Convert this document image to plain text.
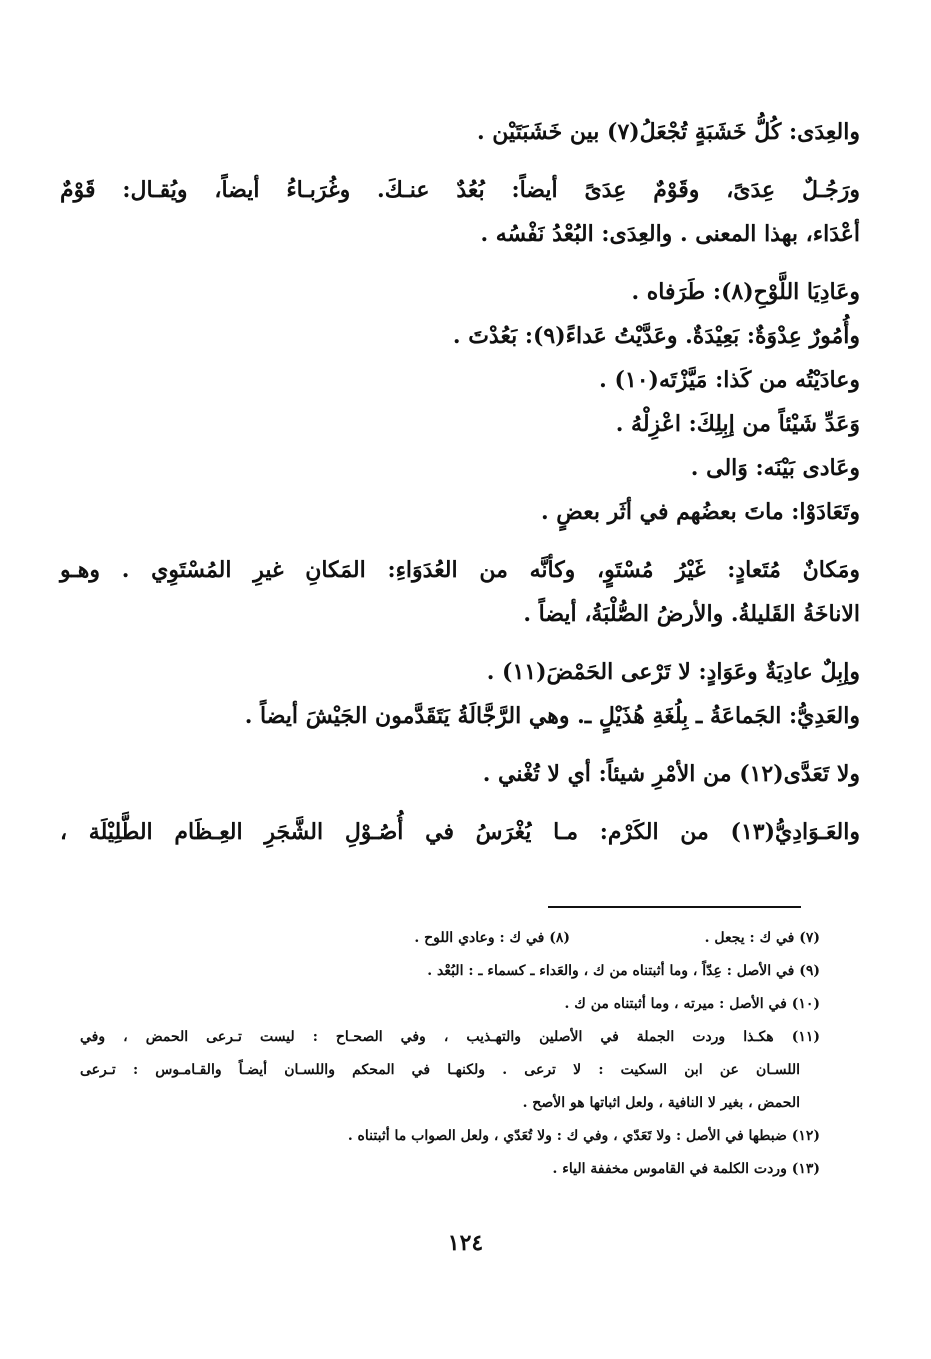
والعِدَى: كُلُّ خَشَبَةٍ تُجْعَلُ(٧) بين خَشَبَتَيْن .
ورَجُـلٌ عِدَىً، وقَوْمٌ عِدَىً أيضاً: بُعُدٌ عنـكَ. وغُرَبـاءُ أيضاً، ويُقـال: قَوْمٌ
أعْدَاء، بهذا المعنى . والعِدَى: البُعْدُ نَفْسُه .
وعَادِيَا اللَّوْحِ(٨): طَرَفاه .
وأُمُورٌ عِدْوَةٌ: بَعِيْدَةٌ. وعَدَّيْتُ عَداءً(٩): بَعُدْتَ .
وعادَيْتُه من كَذا: مَيَّزْتَه(١٠) .
وَعَدِّ شَيْئاً من إبِلِكَ: اعْزِلْهُ .
وعَادى بَيْنَه: وَالى .
وتَعَادَوْا: ماتَ بعضُهم في أثَر بعضٍ .
ومَكانٌ مُتَعادٍ: غَيْرُ مُسْتَوٍ، وكأنَّه من العُدَوَاءِ: المَكانِ غيرِ المُسْتَوِي . وهـو
الاناخَةُ القَليلةُ. والأرضُ الصُّلْبَةُ، أيضاً .
وإبِلٌ عادِيَةٌ وعَوَادٍ: لا تَرْعى الحَمْضَ(١١) .
والعَدِيُّ: الجَماعَةُ ـ بِلُغَةِ هُذَيْلٍ ـ. وهي الرَّجَّالَةُ يَتَقَدَّمون الجَيْشَ أيضاً .
ولا تَعَدَّى(١٢) من الأمْرِ شيئاً: أي لا تُغْني .
والعَـوَادِيُّ(١٣) من الكَرْم: مـا يُغْرَسُ في أُصُـوْلِ الشَّجَرِ العِـظَام الطَّلِيْلَة ،
(٧) في ك : يجعل .
(٨) في ك : وعادي اللوح .
(٩) في الأصل : عِدّاً ، وما أثبتناه من ك ، والعَداء ـ كسماء ـ : البُعْد .
(١٠) في الأصل : ميرته ، وما أثبتناه من ك .
(١١) هكـذا وردت الجملة في الأصلين والتهـذيب ، وفي الصحـاح : ليست تـرعى الحمض ، وفي
اللسـان عن ابن السكيت : لا ترعى . ولكنهـا في المحكم واللسـان أيضـاً والقـامـوس : تـرعى
الحمض ، بغير لا النافية ، ولعل اثباتها هو الأصح .
(١٢) ضبطها في الأصل : ولا تَعَدّي ، وفي ك : ولا تُعَدّي ، ولعل الصواب ما أثبتناه .
(١٣) وردت الكلمة في القاموس مخففة الياء .
١٢٤
